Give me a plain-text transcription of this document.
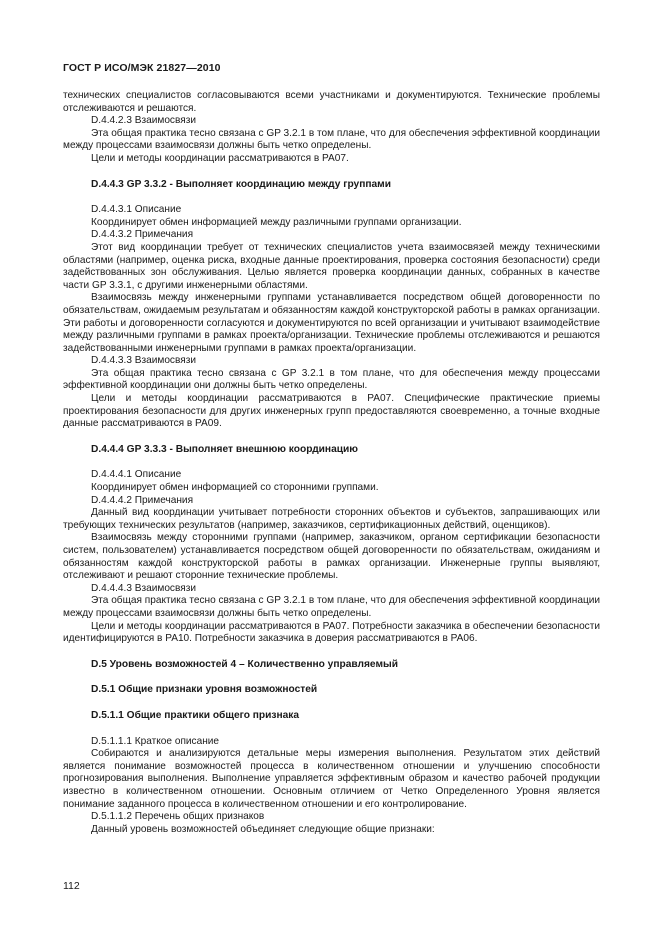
ГОСТ Р ИСО/МЭК 21827—2010

технических специалистов согласовываются всеми участниками и документируются. Технические проблемы отслеживаются и решаются.

D.4.4.2.3 Взаимосвязи

Эта общая практика тесно связана с GP 3.2.1 в том плане, что для обеспечения эффективной координации между процессами взаимосвязи должны быть четко определены.

Цели и методы координации рассматриваются в PA07.

D.4.4.3 GP 3.3.2 - Выполняет координацию между группами

D.4.4.3.1 Описание

Координирует обмен информацией между различными группами организации.

D.4.4.3.2 Примечания

Этот вид координации требует от технических специалистов учета взаимосвязей между техническими областями (например, оценка риска, входные данные проектирования, проверка состояния безопасности) среди задействованных зон обслуживания. Целью является проверка координации данных, собранных в качестве части GP 3.3.1, с другими инженерными областями.

Взаимосвязь между инженерными группами устанавливается посредством общей договоренности по обязательствам, ожидаемым результатам и обязанностям каждой конструкторской работы в рамках организации. Эти работы и договоренности согласуются и документируются по всей организации и учитывают взаимодействие между различными группами в рамках проекта/организации. Технические проблемы отслеживаются и решаются задействованными инженерными группами в рамках проекта/организации.

D.4.4.3.3 Взаимосвязи

Эта общая практика тесно связана с GP 3.2.1 в том плане, что для обеспечения между процессами эффективной координации они должны быть четко определены.

Цели и методы координации рассматриваются в PA07. Специфические практические приемы проектирования безопасности для других инженерных групп предоставляются своевременно, а точные входные данные рассматриваются в PA09.

D.4.4.4 GP 3.3.3 - Выполняет внешнюю координацию

D.4.4.4.1 Описание

Координирует обмен информацией со сторонними группами.

D.4.4.4.2 Примечания

Данный вид координации учитывает потребности сторонних объектов и субъектов, запрашивающих или требующих технических результатов (например, заказчиков, сертификационных действий, оценщиков).

Взаимосвязь между сторонними группами (например, заказчиком, органом сертификации безопасности систем, пользователем) устанавливается посредством общей договоренности по обязательствам, ожиданиям и обязанностям каждой конструкторской работы в рамках организации. Инженерные группы выявляют, отслеживают и решают сторонние технические проблемы.

D.4.4.4.3 Взаимосвязи

Эта общая практика тесно связана с GP 3.2.1 в том плане, что для обеспечения эффективной координации между процессами взаимосвязи должны быть четко определены.

Цели и методы координации рассматриваются в PA07. Потребности заказчика в обеспечении безопасности идентифицируются в PA10. Потребности заказчика в доверия рассматриваются в PA06.

D.5 Уровень возможностей 4 – Количественно управляемый

D.5.1 Общие признаки уровня возможностей

D.5.1.1 Общие практики общего признака

D.5.1.1.1 Краткое описание

Собираются и анализируются детальные меры измерения выполнения. Результатом этих действий является понимание возможностей процесса в количественном отношении и улучшению способности прогнозирования выполнения. Выполнение управляется эффективным образом и качество рабочей продукции известно в количественном отношении. Основным отличием от Четко Определенного Уровня является понимание заданного процесса в количественном отношении и его контролирование.

D.5.1.1.2 Перечень общих признаков

Данный уровень возможностей объединяет следующие общие признаки:

112
